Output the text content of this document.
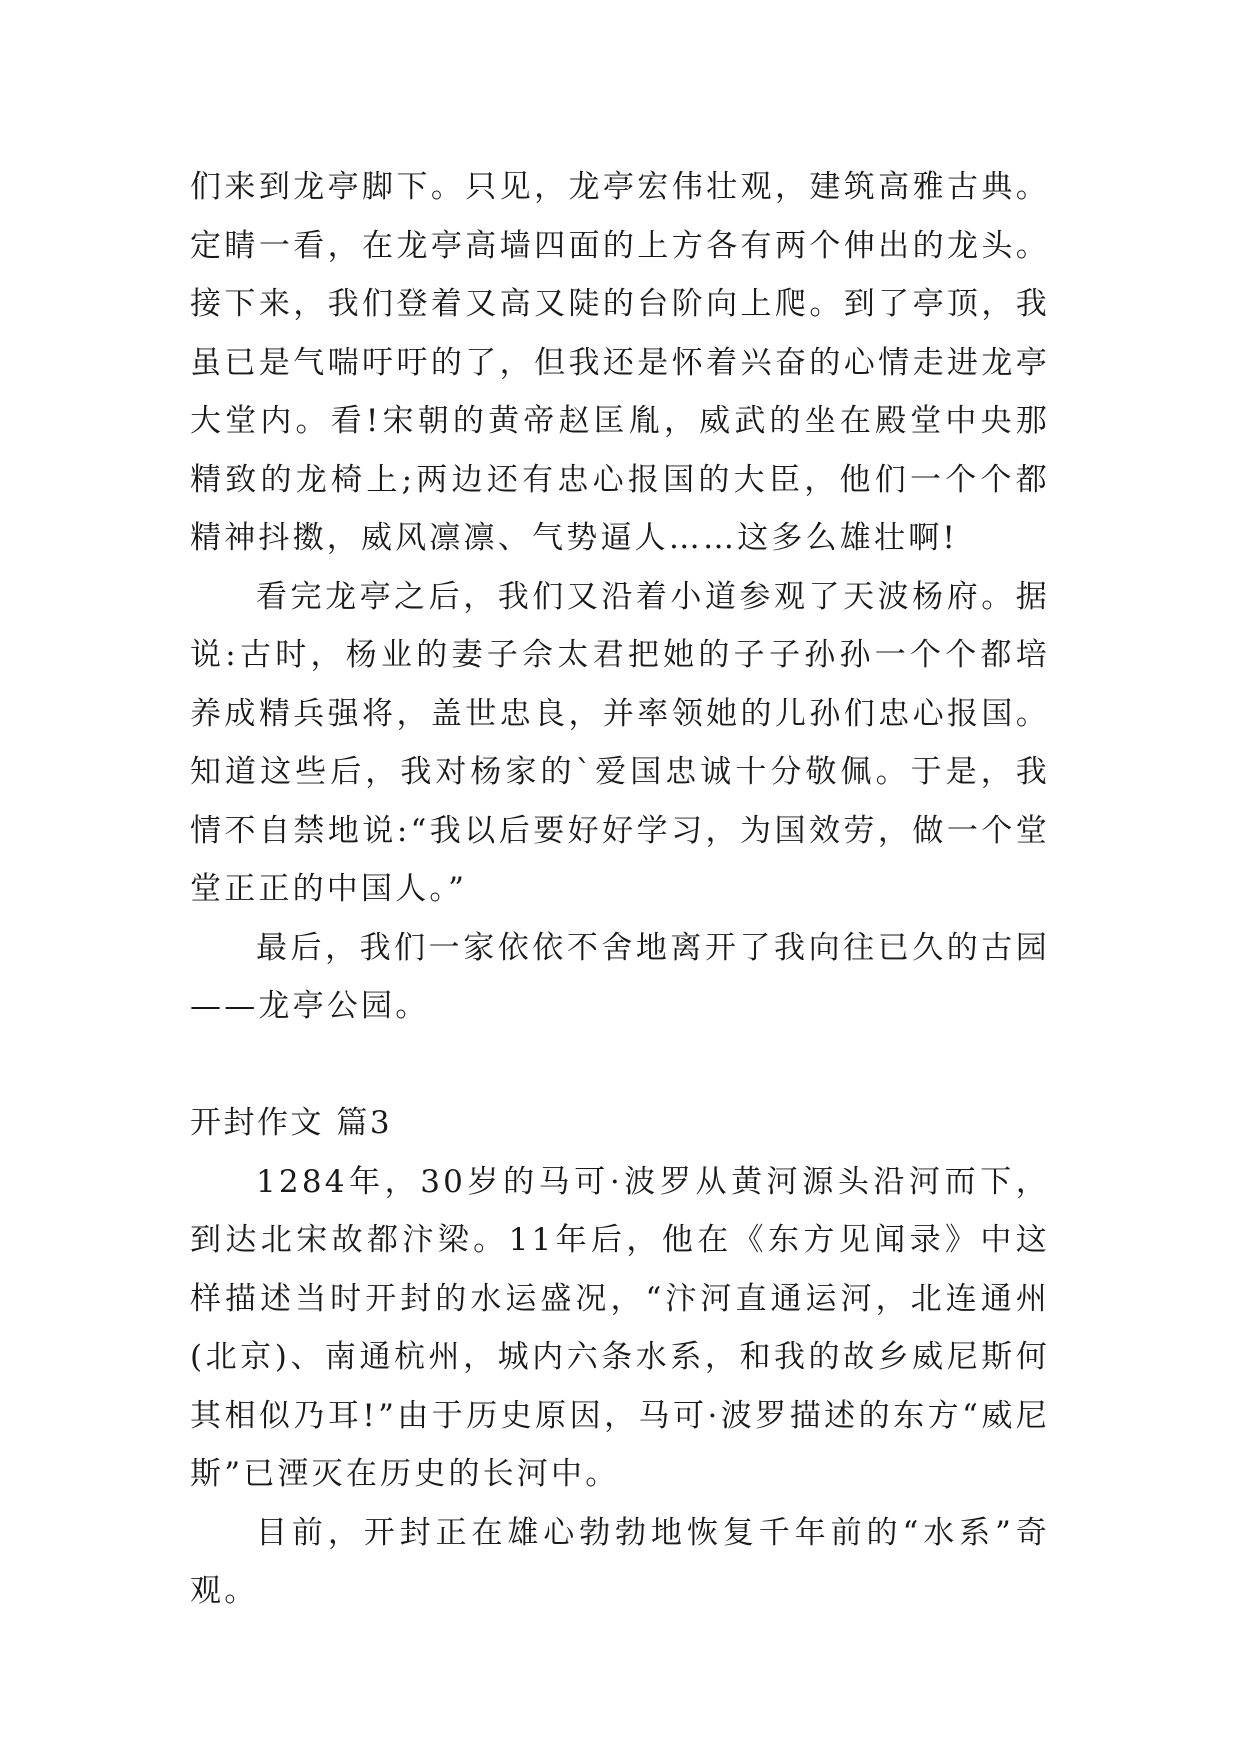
们来到龙亭脚下。只见，龙亭宏伟壮观，建筑高雅古典。定睛一看，在龙亭高墙四面的上方各有两个伸出的龙头。接下来，我们登着又高又陡的台阶向上爬。到了亭顶，我虽已是气喘吁吁的了，但我还是怀着兴奋的心情走进龙亭大堂内。看!宋朝的黄帝赵匡胤，威武的坐在殿堂中央那精致的龙椅上;两边还有忠心报国的大臣，他们一个个都精神抖擞，威风凛凛、气势逼人……这多么雄壮啊!

看完龙亭之后，我们又沿着小道参观了天波杨府。据说:古时，杨业的妻子佘太君把她的子子孙孙一个个都培养成精兵强将，盖世忠良，并率领她的儿孙们忠心报国。知道这些后，我对杨家的`爱国忠诚十分敬佩。于是，我情不自禁地说:“我以后要好好学习，为国效劳，做一个堂堂正正的中国人。”

最后，我们一家依依不舍地离开了我向往已久的古园——龙亭公园。

开封作文 篇3

1284年，30岁的马可·波罗从黄河源头沿河而下，到达北宋故都汴梁。11年后，他在《东方见闻录》中这样描述当时开封的水运盛况，“汴河直通运河，北连通州(北京)、南通杭州，城内六条水系，和我的故乡威尼斯何其相似乃耳!”由于历史原因，马可·波罗描述的东方“威尼斯”已湮灭在历史的长河中。

目前，开封正在雄心勃勃地恢复千年前的“水系”奇观。
